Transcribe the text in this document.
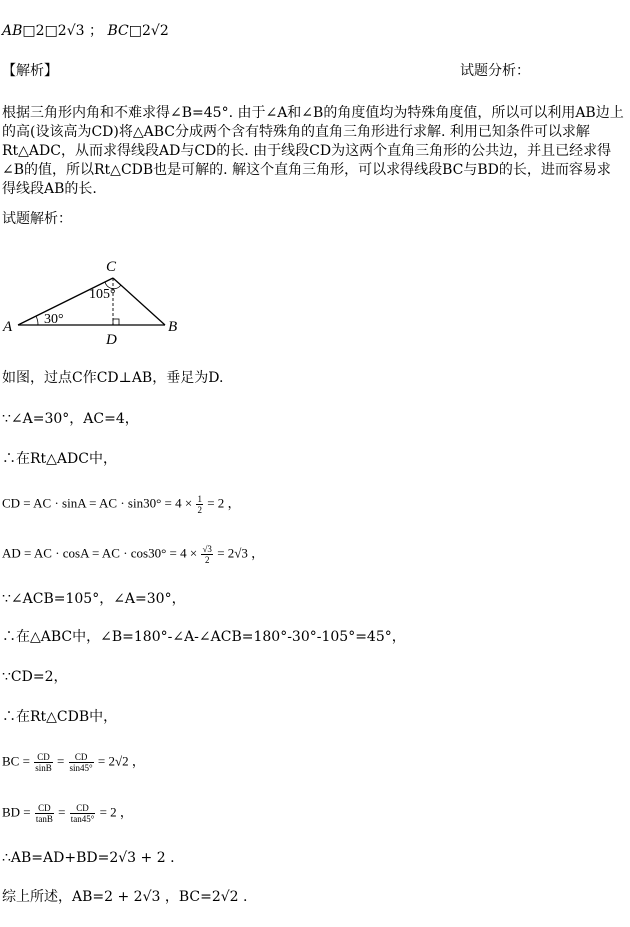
AB□2□2√3 ； BC□2√2
【解析】	试题分析：
根据三角形内角和不难求得∠B=45°. 由于∠A和∠B的角度值均为特殊角度值，所以可以利用AB边上的高(设该高为CD)将△ABC分成两个含有特殊角的直角三角形进行求解. 利用已知条件可以求解Rt△ADC，从而求得线段AD与CD的长. 由于线段CD为这两个直角三角形的公共边，并且已经求得∠B的值，所以Rt△CDB也是可解的. 解这个直角三角形，可以求得线段BC与BD的长，进而容易求得线段AB的长.
试题解析：
C
A	B
D
105°
30°
如图，过点C作CD⊥AB，垂足为D.
∵∠A=30°，AC=4，
∴在Rt△ADC中，
CD = AC · sinA = AC · $\sin 30^\circ = 4 \times \frac{1}{2} = 2$ ，
AD = AC · cosA = AC · $\cos 30^\circ = 4 \times \frac{√3}{2} = 2√3$ ，
∵∠ACB=105°，∠A=30°，
∴在△ABC中，∠B=180°-∠A-∠ACB=180°-30°-105°=45°，
∵CD=2，
∴在Rt△CDB中，
BC = $\frac{CD}{\sin B} = \frac{CD}{\sin 45^\circ} = 2√2$ ，
BD = $\frac{CD}{\tan B} = \frac{CD}{\tan 45^\circ} = 2$ ，
∴AB=AD+BD=2√3 + 2 .
综上所述，AB=2 + 2√3 ，BC=2√2 .
